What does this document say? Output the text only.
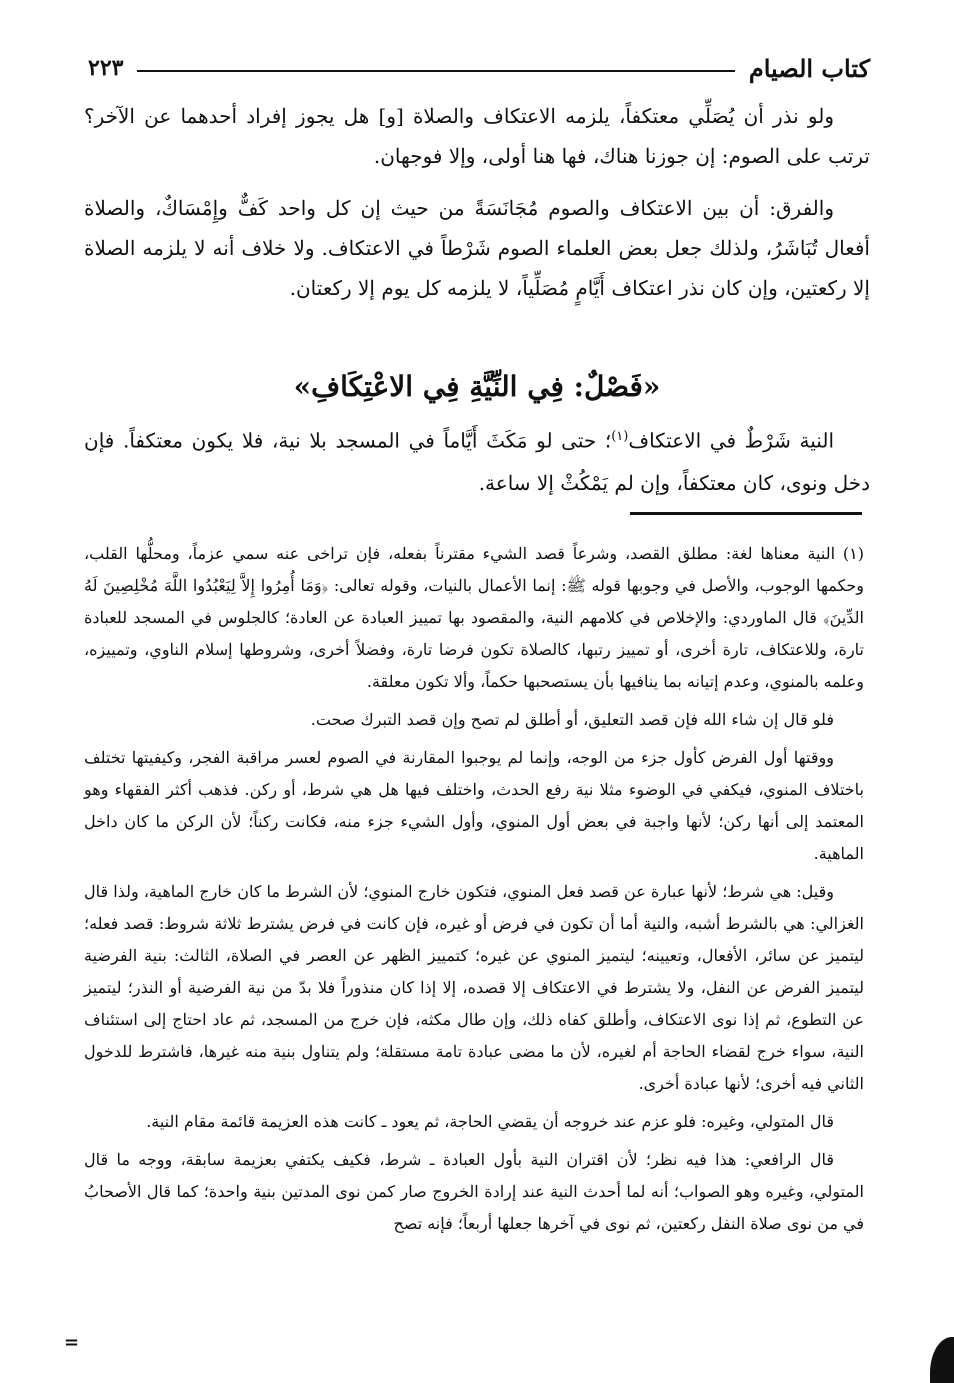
كتاب الصيام
٢٢٣

ولو نذر أن يُصَلِّي معتكفاً، يلزمه الاعتكاف والصلاة [و] هل يجوز إفراد أحدهما عن الآخر؟ ترتب على الصوم: إن جوزنا هناك، فها هنا أولى، وإلا فوجهان.

والفرق: أن بين الاعتكاف والصوم مُجَانَسَةً من حيث إن كل واحد كَفٌّ وإِمْسَاكٌ، والصلاة أفعال تُبَاشَرُ، ولذلك جعل بعض العلماء الصوم شَرْطاً في الاعتكاف. ولا خلاف أنه لا يلزمه الصلاة إلا ركعتين، وإن كان نذر اعتكاف أَيَّامٍ مُصَلِّياً، لا يلزمه كل يوم إلا ركعتان.

«فَصْلٌ: فِي النِّيَّةِ فِي الاعْتِكَافِ»

النية شَرْطٌ في الاعتكاف$^{(١)}$؛ حتى لو مَكَثَ أَيَّاماً في المسجد بلا نية، فلا يكون معتكفاً. فإن دخل ونوى، كان معتكفاً، وإن لم يَمْكُثْ إلا ساعة.

(١) النية معناها لغة: مطلق القصد، وشرعاً قصد الشيء مقترناً بفعله، فإن تراخى عنه سمي عزماً، ومحلُّها القلب، وحكمها الوجوب، والأصل في وجوبها قوله ﷺ: إنما الأعمال بالنيات، وقوله تعالى: ﴿وَمَا أُمِرُوا إِلاَّ لِيَعْبُدُوا اللَّهَ مُخْلِصِينَ لَهُ الدِّينَ﴾ قال الماوردي: والإخلاص في كلامهم النية، والمقصود بها تمييز العبادة عن العادة؛ كالجلوس في المسجد للعبادة تارة، وللاعتكاف، تارة أخرى، أو تمييز رتبها، كالصلاة تكون فرضا تارة، وفضلاً أخرى، وشروطها إسلام الناوي، وتمييزه، وعلمه بالمنوي، وعدم إتيانه بما ينافيها بأن يستصحبها حكماً، وألا تكون معلقة.

فلو قال إن شاء الله فإن قصد التعليق، أو أطلق لم تصح وإن قصد التبرك صحت.

ووقتها أول الفرض كأول جزء من الوجه، وإنما لم يوجبوا المقارنة في الصوم لعسر مراقبة الفجر، وكيفيتها تختلف باختلاف المنوي، فيكفي في الوضوء مثلا نية رفع الحدث، واختلف فيها هل هي شرط، أو ركن. فذهب أكثر الفقهاء وهو المعتمد إلى أنها ركن؛ لأنها واجبة في بعض أول المنوي، وأول الشيء جزء منه، فكانت ركناً؛ لأن الركن ما كان داخل الماهية.

وقيل: هي شرط؛ لأنها عبارة عن قصد فعل المنوي، فتكون خارج المنوي؛ لأن الشرط ما كان خارج الماهية، ولذا قال الغزالي: هي بالشرط أشبه، والنية أما أن تكون في فرض أو غيره، فإن كانت في فرض يشترط ثلاثة شروط: قصد فعله؛ ليتميز عن سائر، الأفعال، وتعيينه؛ ليتميز المنوي عن غيره؛ كتمييز الظهر عن العصر في الصلاة، الثالث: بنية الفرضية ليتميز الفرض عن النفل، ولا يشترط في الاعتكاف إلا قصده، إلا إذا كان منذوراً فلا بدّ من نية الفرضية أو النذر؛ ليتميز عن التطوع، ثم إذا نوى الاعتكاف، وأطلق كفاه ذلك، وإن طال مكثه، فإن خرج من المسجد، ثم عاد احتاج إلى استئناف النية، سواء خرج لقضاء الحاجة أم لغيره، لأن ما مضى عبادة تامة مستقلة؛ ولم يتناول بنية منه غيرها، فاشترط للدخول الثاني فيه أخرى؛ لأنها عبادة أخرى.

قال المتولي، وغيره: فلو عزم عند خروجه أن يقضي الحاجة، ثم يعود ـ كانت هذه العزيمة قائمة مقام النية.

قال الرافعي: هذا فيه نظر؛ لأن اقتران النية بأول العبادة ـ شرط، فكيف يكتفي بعزيمة سابقة، ووجه ما قال المتولي، وغيره وهو الصواب؛ أنه لما أحدث النية عند إرادة الخروج صار كمن نوى المدتين بنية واحدة؛ كما قال الأصحابُ في من نوى صلاة النفل ركعتين، ثم نوى في آخرها جعلها أربعاً؛ فإنه تصح

=
